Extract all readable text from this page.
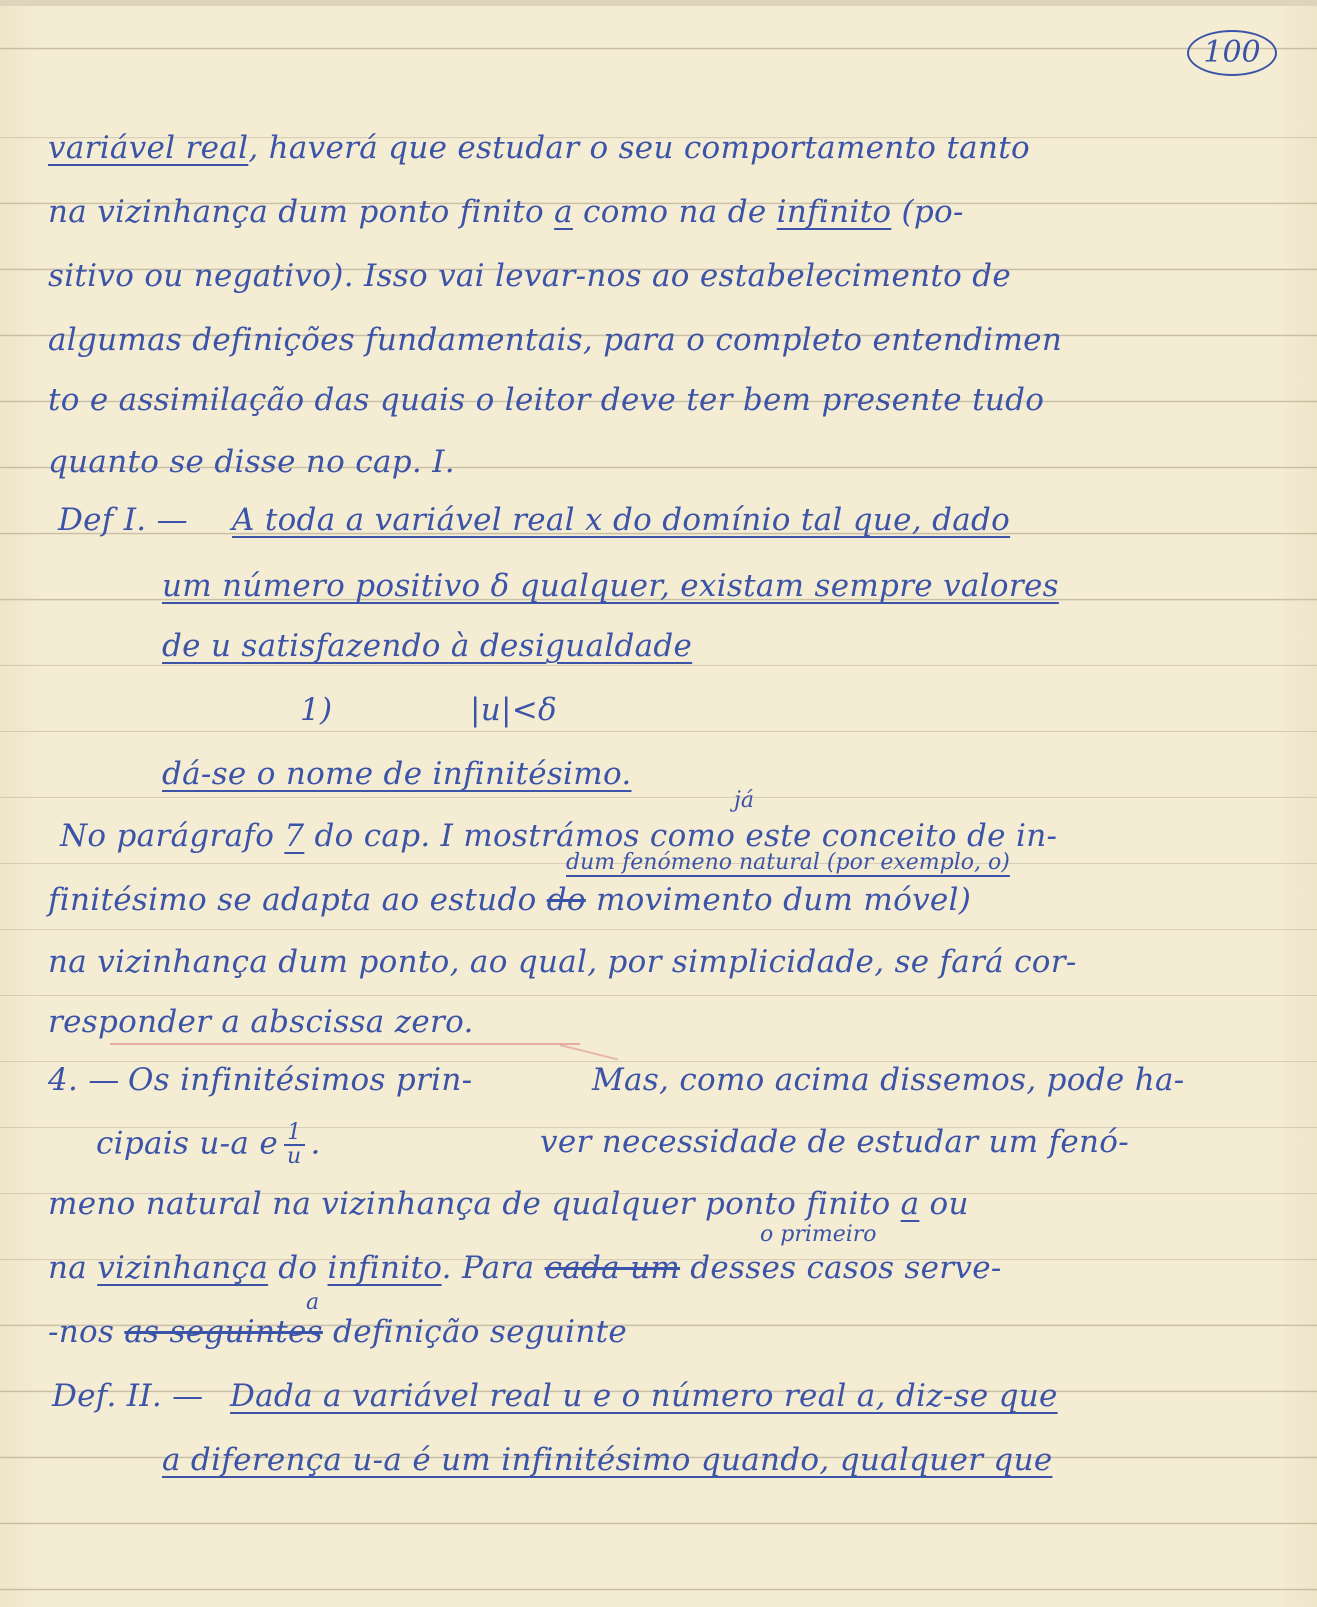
100
variável real, haverá que estudar o seu comportamento tanto
na vizinhança dum ponto finito a como na de infinito (po-
sitivo ou negativo). Isso vai levar-nos ao estabelecimento de
algumas definições fundamentais, para o completo entendimen
to e assimilação das quais o leitor deve ter bem presente tudo
quanto se disse no cap. I.
Def I. — A toda a variável real x do domínio tal que, dado
um número positivo δ qualquer, existam sempre valores
de u satisfazendo à desigualdade
1)	|u|<δ
dá-se o nome de infinitésimo.
já
No parágrafo 7 do cap. I mostrámos como este conceito de in-
dum fenómeno natural (por exemplo, o)
finitésimo se adapta ao estudo do movimento dum móvel)
na vizinhança dum ponto, ao qual, por simplicidade, se fará cor-
responder a abscissa zero.
4. — Os infinitésimos prin-	Mas, como acima dissemos, pode ha-
cipais u-a e $\frac{1}{u}$ .	ver necessidade de estudar um fenó-
meno natural na vizinhança de qualquer ponto finito a ou
o primeiro
na vizinhança do infinito. Para cada um desses casos serve-
a
-nos as seguintes definição seguinte
Def. II. — Dada a variável real u e o número real a, diz-se que
a diferença u-a é um infinitésimo quando, qualquer que
